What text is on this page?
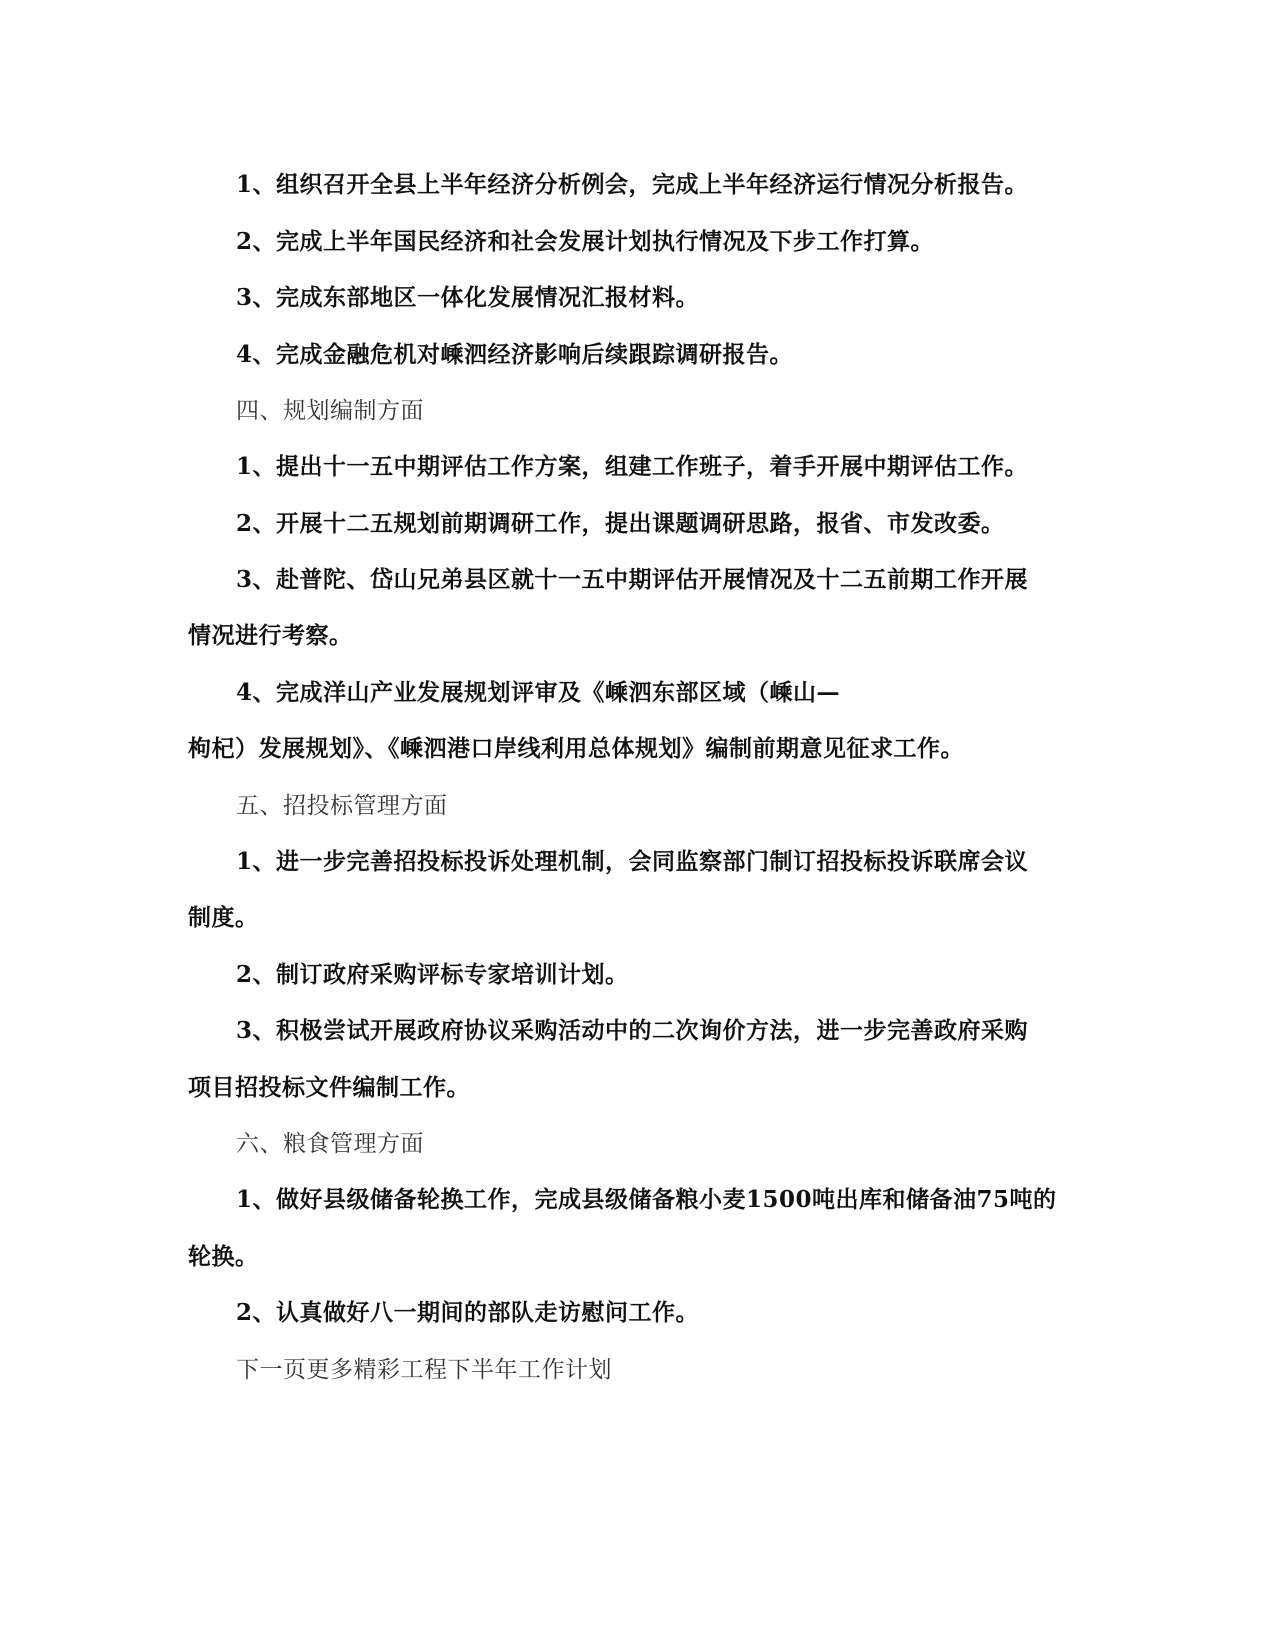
1、组织召开全县上半年经济分析例会，完成上半年经济运行情况分析报告。
2、完成上半年国民经济和社会发展计划执行情况及下步工作打算。
3、完成东部地区一体化发展情况汇报材料。
4、完成金融危机对嵊泗经济影响后续跟踪调研报告。
四、规划编制方面
1、提出十一五中期评估工作方案，组建工作班子，着手开展中期评估工作。
2、开展十二五规划前期调研工作，提出课题调研思路，报省、市发改委。
3、赴普陀、岱山兄弟县区就十一五中期评估开展情况及十二五前期工作开展
情况进行考察。
4、完成洋山产业发展规划评审及《嵊泗东部区域（嵊山—
枸杞）发展规划》、《嵊泗港口岸线利用总体规划》编制前期意见征求工作。
五、招投标管理方面
1、进一步完善招投标投诉处理机制，会同监察部门制订招投标投诉联席会议
制度。
2、制订政府采购评标专家培训计划。
3、积极尝试开展政府协议采购活动中的二次询价方法，进一步完善政府采购
项目招投标文件编制工作。
六、粮食管理方面
1、做好县级储备轮换工作，完成县级储备粮小麦1500吨出库和储备油75吨的
轮换。
2、认真做好八一期间的部队走访慰问工作。
下一页更多精彩工程下半年工作计划
